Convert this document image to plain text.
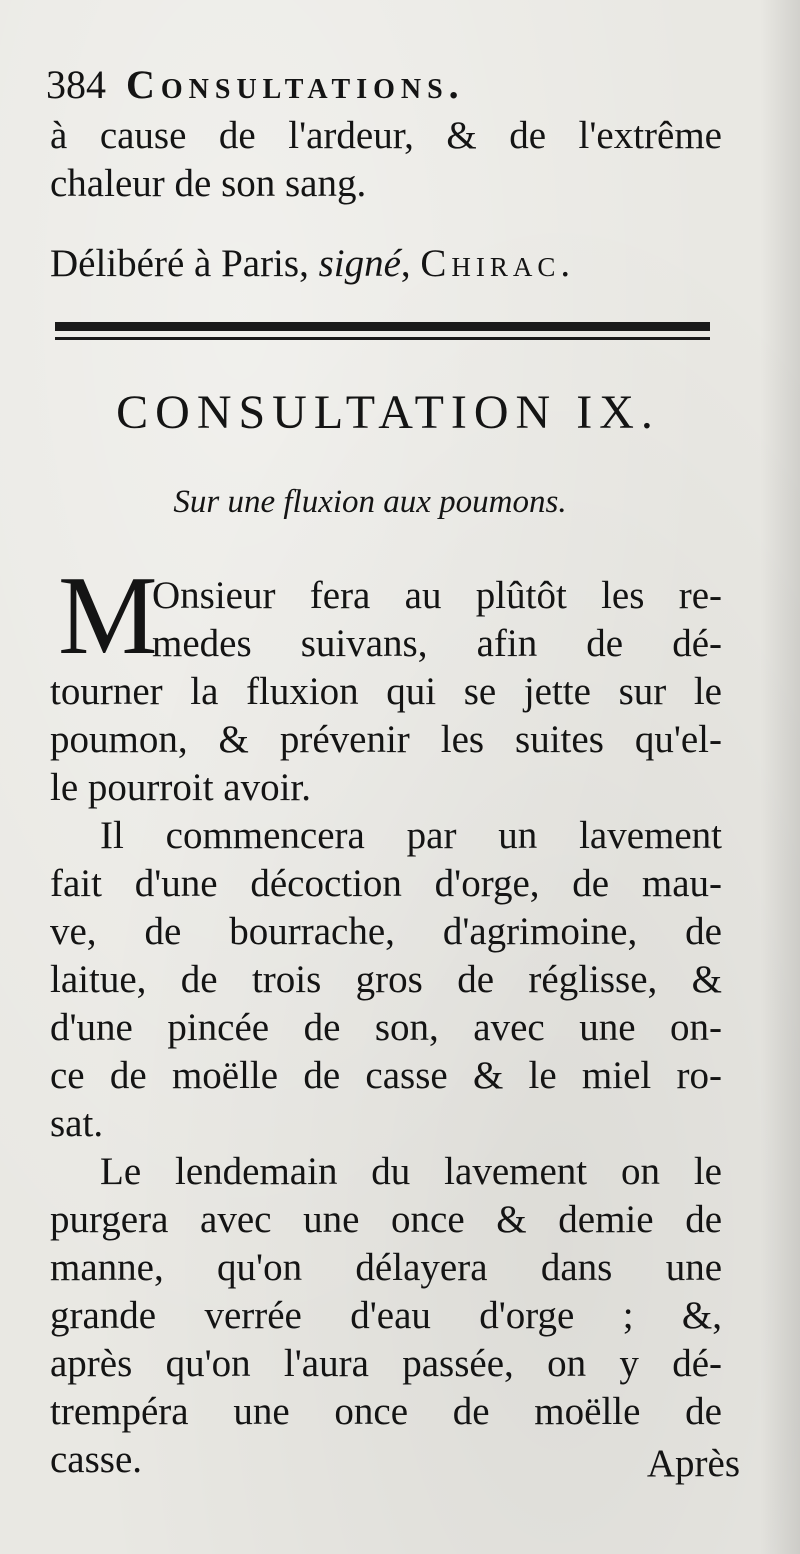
384 Consultations.
à cause de l'ardeur, & de l'extrême
chaleur de son sang.
Délibéré à Paris, signé, Chirac.
CONSULTATION IX.
Sur une fluxion aux poumons.
M
Onsieur fera au plûtôt les re-
medes suivans, afin de dé-
tourner la fluxion qui se jette sur le
poumon, & prévenir les suites qu'el-
le pourroit avoir.
Il commencera par un lavement
fait d'une décoction d'orge, de mau-
ve, de bourrache, d'agrimoine, de
laitue, de trois gros de réglisse, &
d'une pincée de son, avec une on-
ce de moëlle de casse & le miel ro-
sat.
Le lendemain du lavement on le
purgera avec une once & demie de
manne, qu'on délayera dans une
grande verrée d'eau d'orge ; &,
après qu'on l'aura passée, on y dé-
trempéra une once de moëlle de
casse.	Après
